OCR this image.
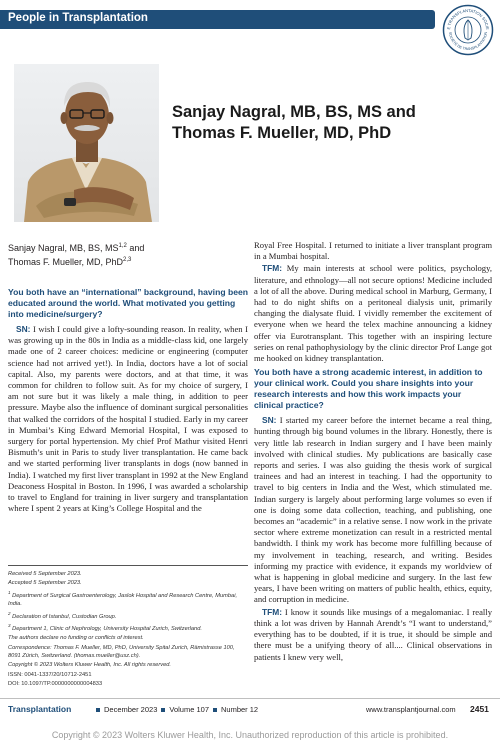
People in Transplantation
E TRANSPLANTATION SOCIE
SOCIÉTÉ DE TRANSPLANTATION
Sanjay Nagral, MB, BS, MS and
Thomas F. Mueller, MD, PhD
Sanjay Nagral, MB, BS, MS$^{1,2}$ and
Thomas F. Mueller, MD, PhD$^{2,3}$
You both have an “international” background, having been educated around the world. What motivated you getting into medicine/surgery?

SN: I wish I could give a lofty-sounding reason. In reality, when I was growing up in the 80s in India as a middle-class kid, one largely made one of 2 career choices: medicine or engineering (computer science had not arrived yet!). In India, doctors have a lot of social capital. Also, my parents were doctors, and at that time, it was common for children to follow suit. As for my choice of surgery, I am not sure but it was likely a male thing, in addition to peer pressure. Maybe also the influence of dominant surgical personalities that walked the corridors of the hospital I studied. Early in my career in Mumbai’s King Edward Memorial Hospital, I was exposed to surgery for portal hypertension. My chief Prof Mathur visited Henri Bismuth’s unit in Paris to study liver transplantation. He came back and we started performing liver transplants in dogs (now banned in India). I watched my first liver transplant in 1992 at the New England Deaconess Hospital in Boston. In 1996, I was awarded a scholarship to travel to England for training in liver surgery and transplantation where I spent 2 years at King’s College Hospital and the

Royal Free Hospital. I returned to initiate a liver transplant program in a Mumbai hospital.

TFM: My main interests at school were politics, psychology, literature, and ethnology—all not secure options! Medicine included a lot of all the above. During medical school in Marburg, Germany, I had to do night shifts on a peritoneal dialysis unit, primarily changing the dialysate fluid. I vividly remember the excitement of everyone when we heard the telex machine announcing a kidney offer via Eurotransplant. This together with an inspiring lecture series on renal pathophysiology by the clinic director Prof Lange got me hooked on kidney transplantation.

You both have a strong academic interest, in addition to your clinical work. Could you share insights into your research interests and how this work impacts your clinical practice?

SN: I started my career before the internet became a real thing, hunting through big bound volumes in the library. Honestly, there is very little lab research in Indian surgery and I have been mainly involved with clinical studies. My publications are basically case reports and series. I was also guiding the thesis work of surgical trainees and had an interest in teaching. I had the opportunity to travel to big centers in India and the West, which stimulated me. Indian surgery is largely about performing large volumes so even if one is doing some data collection, teaching, and publishing, one becomes an “academic” in a relative sense. I now work in the private sector where extreme monetization can result in a restricted mental bandwidth. I think my work has become more fulfilling because of my involvement in teaching, research, and writing. Besides informing my practice with evidence, it expands my worldview of what is happening in global medicine and surgery. In the last few years, I have been writing on matters of public health, ethics, equity, and corruption in medicine.

TFM: I know it sounds like musings of a megalomaniac. I really think a lot was driven by Hannah Arendt’s “I want to understand,” everything has to be doubted, if it is true, it should be simple and there must be a unifying theory of all.... Clinical observations in patients I knew very well,

Received 5 September 2023.
Accepted 5 September 2023.
$^1$ Department of Surgical Gastroenterology, Jaslok Hospital and Research Centre, Mumbai, India.
$^2$ Declaration of Istanbul, Custodian Group.
$^3$ Department 1, Clinic of Nephrology, University Hospital Zurich, Switzerland.
The authors declare no funding or conflicts of interest.
Correspondence: Thomas F. Mueller, MD, PhD, University Spital Zurich, Rämistrasse 100, 8091 Zürich, Switzerland. (thomas.mueller@usz.ch).
Copyright © 2023 Wolters Kluwer Health, Inc. All rights reserved.
ISSN: 0041-1337/20/10712-2451
DOI: 10.1097/TP.0000000000004833
Transplantation	December 2023 Volume 107 Number 12	www.transplantjournal.com 2451
Copyright © 2023 Wolters Kluwer Health, Inc. Unauthorized reproduction of this article is prohibited.
